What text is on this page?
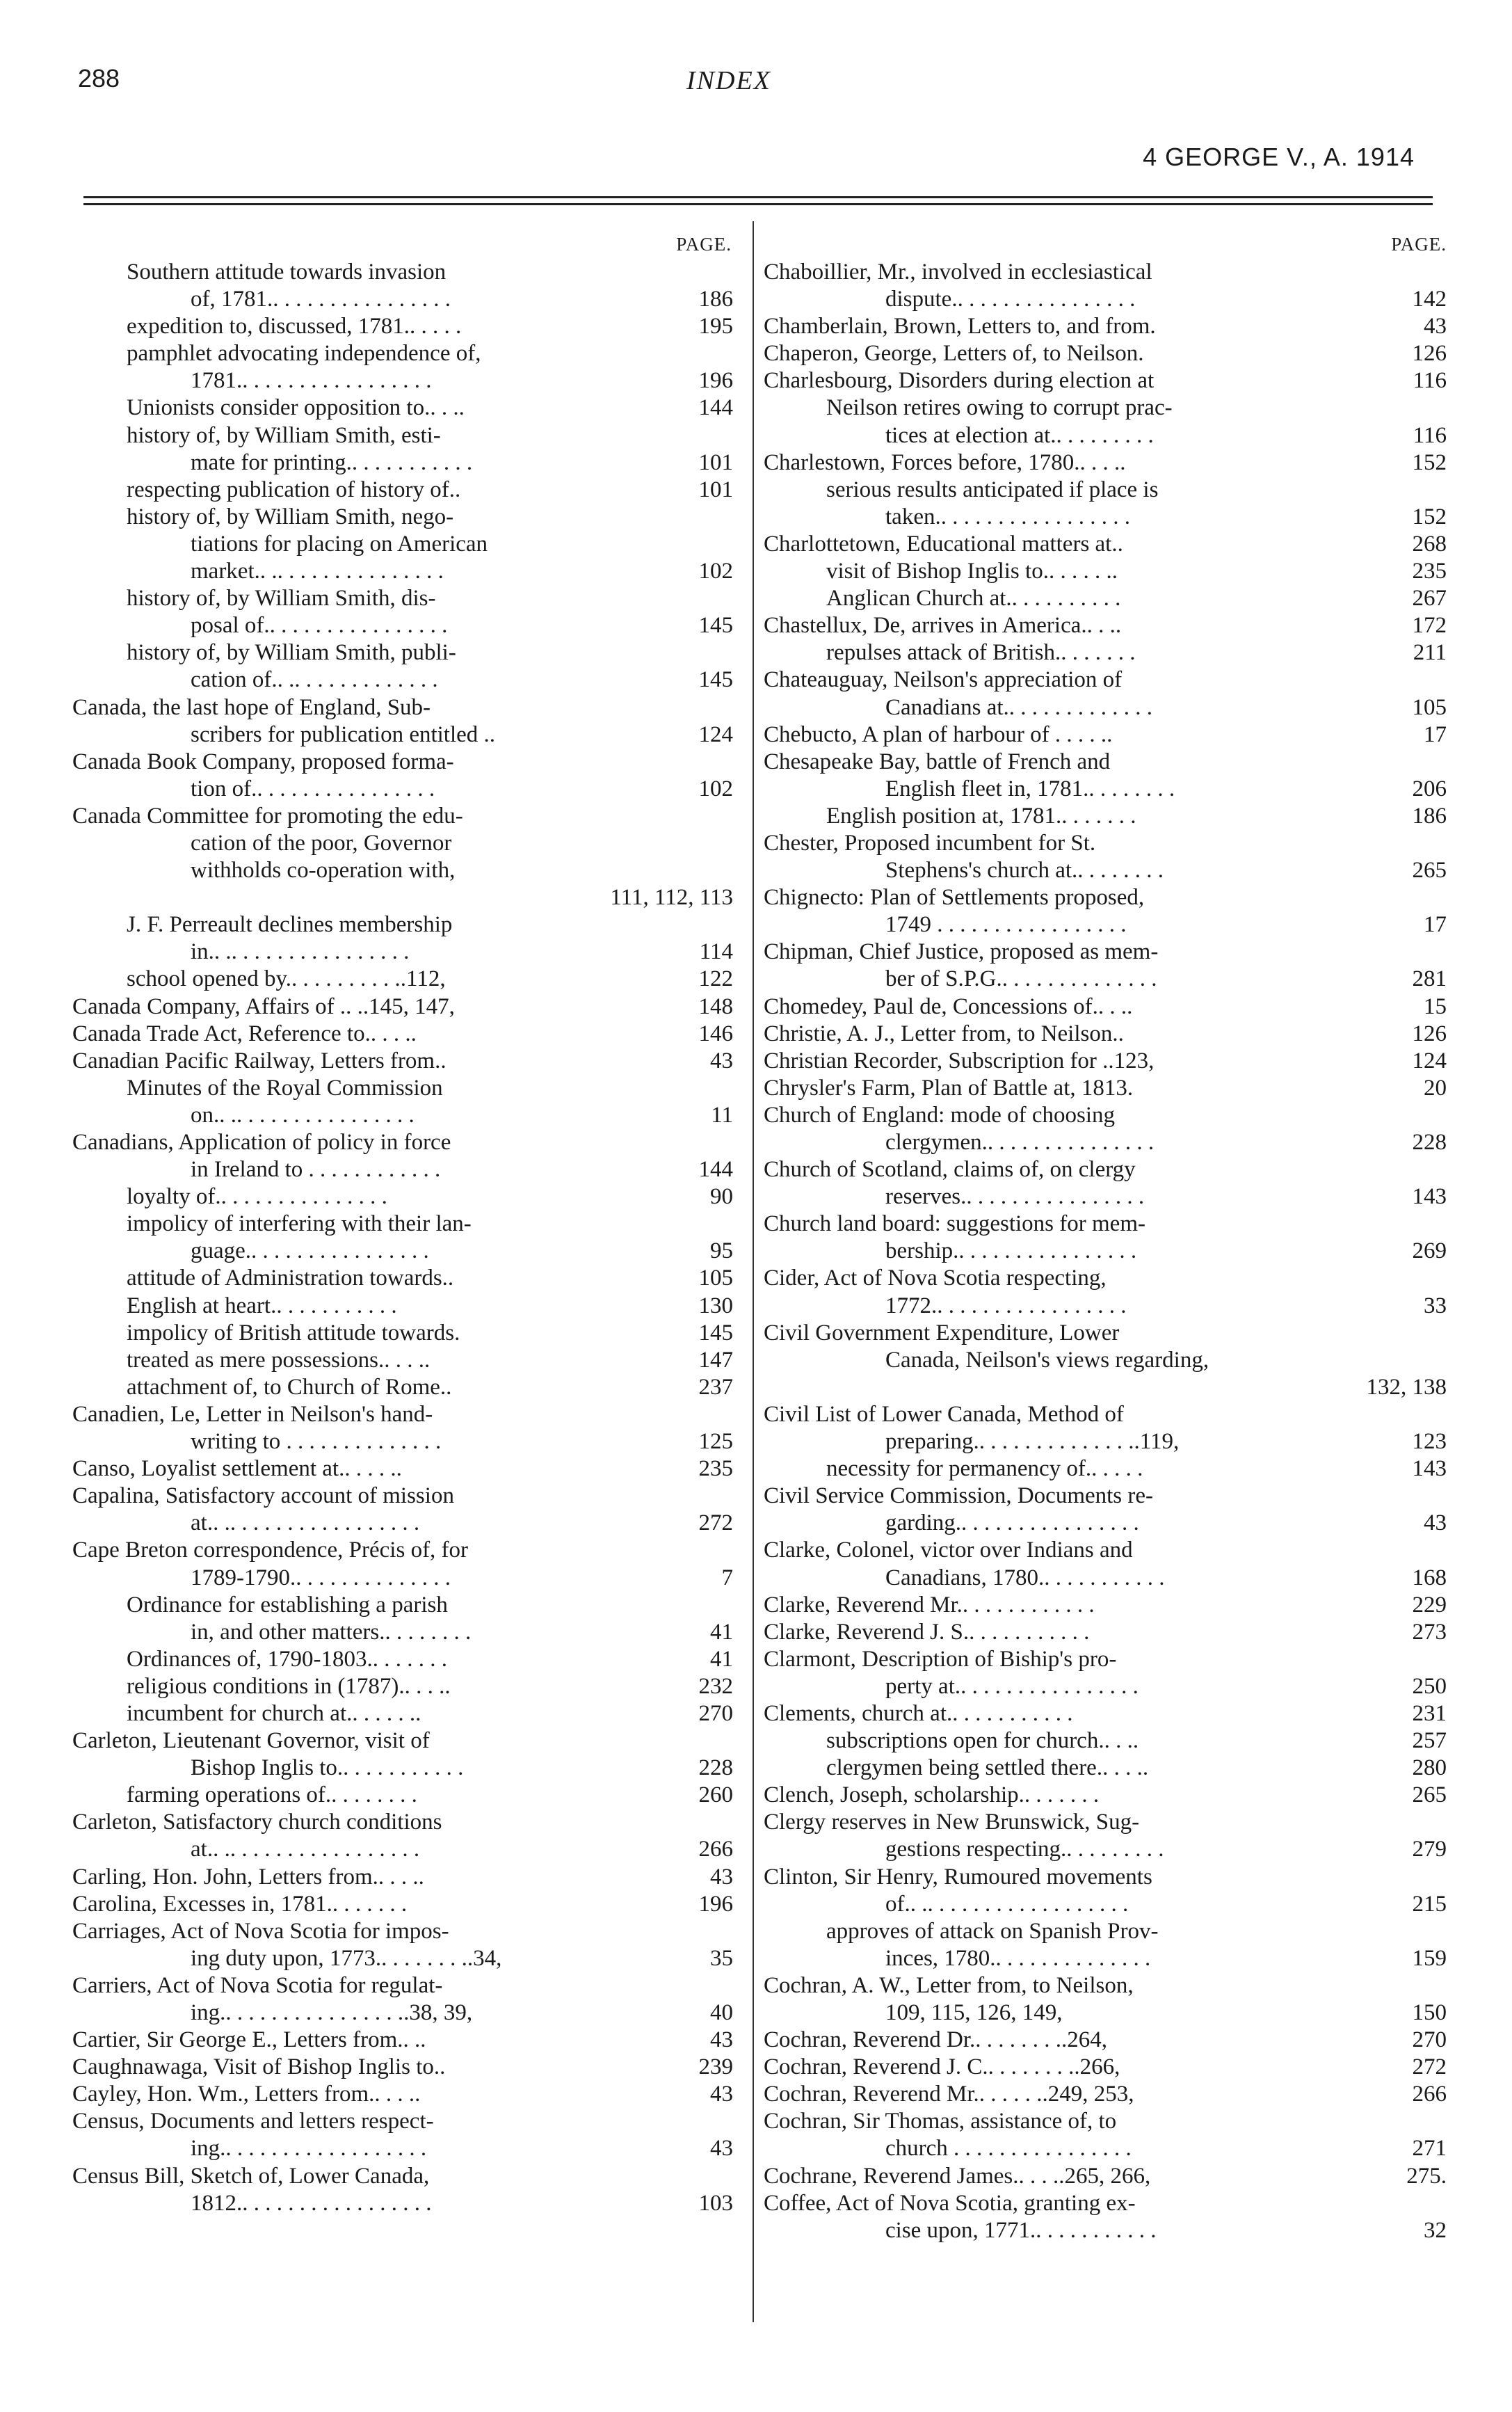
288	INDEX
4 GEORGE V., A. 1914
PAGE.
Southern attitude towards invasion
of, 1781.. . . . . . . . . . . . . . . .	186
expedition to, discussed, 1781.. . . . .	195
pamphlet advocating independence of,
1781.. . . . . . . . . . . . . . . . .	196
Unionists consider opposition to.. . ..	144
history of, by William Smith, esti-
mate for printing.. . . . . . . . . . .	101
respecting publication of history of..	101
history of, by William Smith, nego-
tiations for placing on American
market.. .. . . . . . . . . . . . . . .	102
history of, by William Smith, dis-
posal of.. . . . . . . . . . . . . . . .	145
history of, by William Smith, publi-
cation of.. .. . . . . . . . . . . . .	145
Canada, the last hope of England, Sub-
scribers for publication entitled ..	124
Canada Book Company, proposed forma-
tion of.. . . . . . . . . . . . . . . .	102
Canada Committee for promoting the edu-
cation of the poor, Governor
withholds co-operation with,
111, 112, 113
J. F. Perreault declines membership
in.. .. . . . . . . . . . . . . . . .	114
school opened by.. . . . . . . . . ..112,	122
Canada Company, Affairs of .. ..145, 147,	148
Canada Trade Act, Reference to.. . . ..	146
Canadian Pacific Railway, Letters from..	43
Minutes of the Royal Commission
on.. .. . . . . . . . . . . . . . . .	11
Canadians, Application of policy in force
in Ireland to . . . . . . . . . . . .	144
loyalty of.. . . . . . . . . . . . . . .	90
impolicy of interfering with their lan-
guage.. . . . . . . . . . . . . . . .	95
attitude of Administration towards..	105
English at heart.. . . . . . . . . . .	130
impolicy of British attitude towards.	145
treated as mere possessions.. . . ..	147
attachment of, to Church of Rome..	237
Canadien, Le, Letter in Neilson's hand-
writing to . . . . . . . . . . . . . .	125
Canso, Loyalist settlement at.. . . . ..	235
Capalina, Satisfactory account of mission
at.. .. . . . . . . . . . . . . . . . .	272
Cape Breton correspondence, Précis of, for
1789-1790.. . . . . . . . . . . . . .	7
Ordinance for establishing a parish
in, and other matters.. . . . . . . .	41
Ordinances of, 1790-1803.. . . . . . .	41
religious conditions in (1787).. . . ..	232
incumbent for church at.. . . . . ..	270
Carleton, Lieutenant Governor, visit of
Bishop Inglis to.. . . . . . . . . . .	228
farming operations of.. . . . . . . .	260
Carleton, Satisfactory church conditions
at.. .. . . . . . . . . . . . . . . . .	266
Carling, Hon. John, Letters from.. . . ..	43
Carolina, Excesses in, 1781.. . . . . . .	196
Carriages, Act of Nova Scotia for impos-
ing duty upon, 1773.. . . . . . . ..34,	35
Carriers, Act of Nova Scotia for regulat-
ing.. . . . . . . . . . . . . . . ..38, 39,	40
Cartier, Sir George E., Letters from.. ..	43
Caughnawaga, Visit of Bishop Inglis to..	239
Cayley, Hon. Wm., Letters from.. . . ..	43
Census, Documents and letters respect-
ing.. . . . . . . . . . . . . . . . . .	43
Census Bill, Sketch of, Lower Canada,
1812.. . . . . . . . . . . . . . . . .	103
PAGE.
Chaboillier, Mr., involved in ecclesiastical
dispute.. . . . . . . . . . . . . . . .	142
Chamberlain, Brown, Letters to, and from.	43
Chaperon, George, Letters of, to Neilson.	126
Charlesbourg, Disorders during election at	116
Neilson retires owing to corrupt prac-
tices at election at.. . . . . . . . .	116
Charlestown, Forces before, 1780.. . . ..	152
serious results anticipated if place is
taken.. . . . . . . . . . . . . . . . .	152
Charlottetown, Educational matters at..	268
visit of Bishop Inglis to.. . . . . ..	235
Anglican Church at.. . . . . . . . . .	267
Chastellux, De, arrives in America.. . ..	172
repulses attack of British.. . . . . . .	211
Chateauguay, Neilson's appreciation of
Canadians at.. . . . . . . . . . . . .	105
Chebucto, A plan of harbour of . . . . ..	17
Chesapeake Bay, battle of French and
English fleet in, 1781.. . . . . . . .	206
English position at, 1781.. . . . . . .	186
Chester, Proposed incumbent for St.
Stephens's church at.. . . . . . . .	265
Chignecto: Plan of Settlements proposed,
1749 . . . . . . . . . . . . . . . . .	17
Chipman, Chief Justice, proposed as mem-
ber of S.P.G.. . . . . . . . . . . . . .	281
Chomedey, Paul de, Concessions of.. . ..	15
Christie, A. J., Letter from, to Neilson..	126
Christian Recorder, Subscription for ..123,	124
Chrysler's Farm, Plan of Battle at, 1813.	20
Church of England: mode of choosing
clergymen.. . . . . . . . . . . . . . .	228
Church of Scotland, claims of, on clergy
reserves.. . . . . . . . . . . . . . . .	143
Church land board: suggestions for mem-
bership.. . . . . . . . . . . . . . . .	269
Cider, Act of Nova Scotia respecting,
1772.. . . . . . . . . . . . . . . . .	33
Civil Government Expenditure, Lower
Canada, Neilson's views regarding,
132, 138
Civil List of Lower Canada, Method of
preparing.. . . . . . . . . . . . . ..119,	123
necessity for permanency of.. . . . .	143
Civil Service Commission, Documents re-
garding.. . . . . . . . . . . . . . . .	43
Clarke, Colonel, victor over Indians and
Canadians, 1780.. . . . . . . . . . .	168
Clarke, Reverend Mr.. . . . . . . . . . . .	229
Clarke, Reverend J. S.. . . . . . . . . . .	273
Clarmont, Description of Biship's pro-
perty at.. . . . . . . . . . . . . . . .	250
Clements, church at.. . . . . . . . . . .	231
subscriptions open for church.. . ..	257
clergymen being settled there.. . . ..	280
Clench, Joseph, scholarship.. . . . . . .	265
Clergy reserves in New Brunswick, Sug-
gestions respecting.. . . . . . . . .	279
Clinton, Sir Henry, Rumoured movements
of.. .. . . . . . . . . . . . . . . . . .	215
approves of attack on Spanish Prov-
inces, 1780.. . . . . . . . . . . . . .	159
Cochran, A. W., Letter from, to Neilson,
109, 115, 126, 149,	150
Cochran, Reverend Dr.. . . . . . . ..264,	270
Cochran, Reverend J. C.. . . . . . . ..266,	272
Cochran, Reverend Mr.. . . . . ..249, 253,	266
Cochran, Sir Thomas, assistance of, to
church . . . . . . . . . . . . . . . .	271
Cochrane, Reverend James.. . . ..265, 266,	275.
Coffee, Act of Nova Scotia, granting ex-
cise upon, 1771.. . . . . . . . . . .	32
